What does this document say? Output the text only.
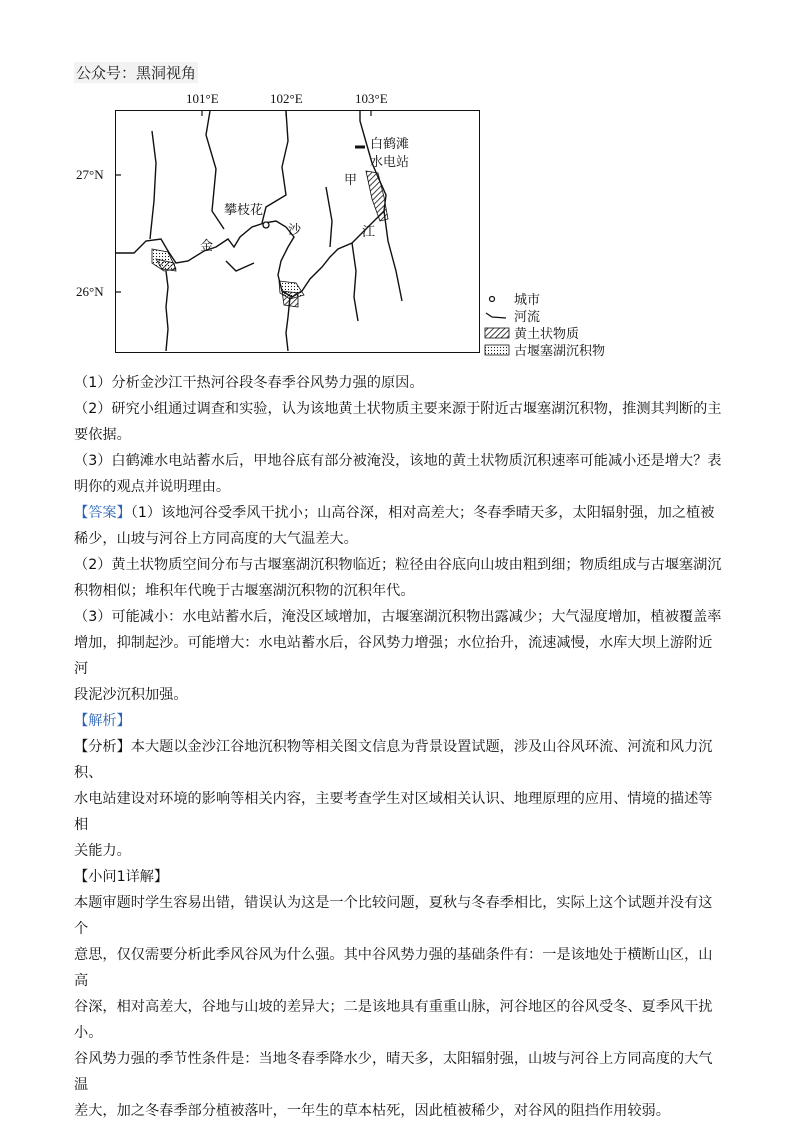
公众号：黑洞视角
101°E	102°E	103°E
27°N
26°N
白鹤滩
水电站
甲
攀枝花
金
沙	江
城市
河流
黄土状物质
古堰塞湖沉积物

（1）分析金沙江干热河谷段冬春季谷风势力强的原因。

（2）研究小组通过调查和实验，认为该地黄土状物质主要来源于附近古堰塞湖沉积物，推测其判断的主

要依据。

（3）白鹤滩水电站蓄水后，甲地谷底有部分被淹没，该地的黄土状物质沉积速率可能减小还是增大？表

明你的观点并说明理由。

【答案】（1）该地河谷受季风干扰小；山高谷深，相对高差大；冬春季晴天多，太阳辐射强，加之植被

稀少，山坡与河谷上方同高度的大气温差大。

（2）黄土状物质空间分布与古堰塞湖沉积物临近；粒径由谷底向山坡由粗到细；物质组成与古堰塞湖沉

积物相似；堆积年代晚于古堰塞湖沉积物的沉积年代。

（3）可能减小：水电站蓄水后，淹没区域增加，古堰塞湖沉积物出露减少；大气湿度增加，植被覆盖率

增加，抑制起沙。可能增大：水电站蓄水后，谷风势力增强；水位抬升，流速减慢，水库大坝上游附近河

段泥沙沉积加强。

【解析】

【分析】本大题以金沙江谷地沉积物等相关图文信息为背景设置试题，涉及山谷风环流、河流和风力沉积、

水电站建设对环境的影响等相关内容，主要考查学生对区域相关认识、地理原理的应用、情境的描述等相

关能力。

【小问1详解】

本题审题时学生容易出错，错误认为这是一个比较问题，夏秋与冬春季相比，实际上这个试题并没有这个

意思，仅仅需要分析此季风谷风为什么强。其中谷风势力强的基础条件有：一是该地处于横断山区，山高

谷深，相对高差大，谷地与山坡的差异大；二是该地具有重重山脉，河谷地区的谷风受冬、夏季风干扰小。

谷风势力强的季节性条件是：当地冬春季降水少，晴天多，太阳辐射强，山坡与河谷上方同高度的大气温

差大，加之冬春季部分植被落叶，一年生的草本枯死，因此植被稀少，对谷风的阻挡作用较弱。
